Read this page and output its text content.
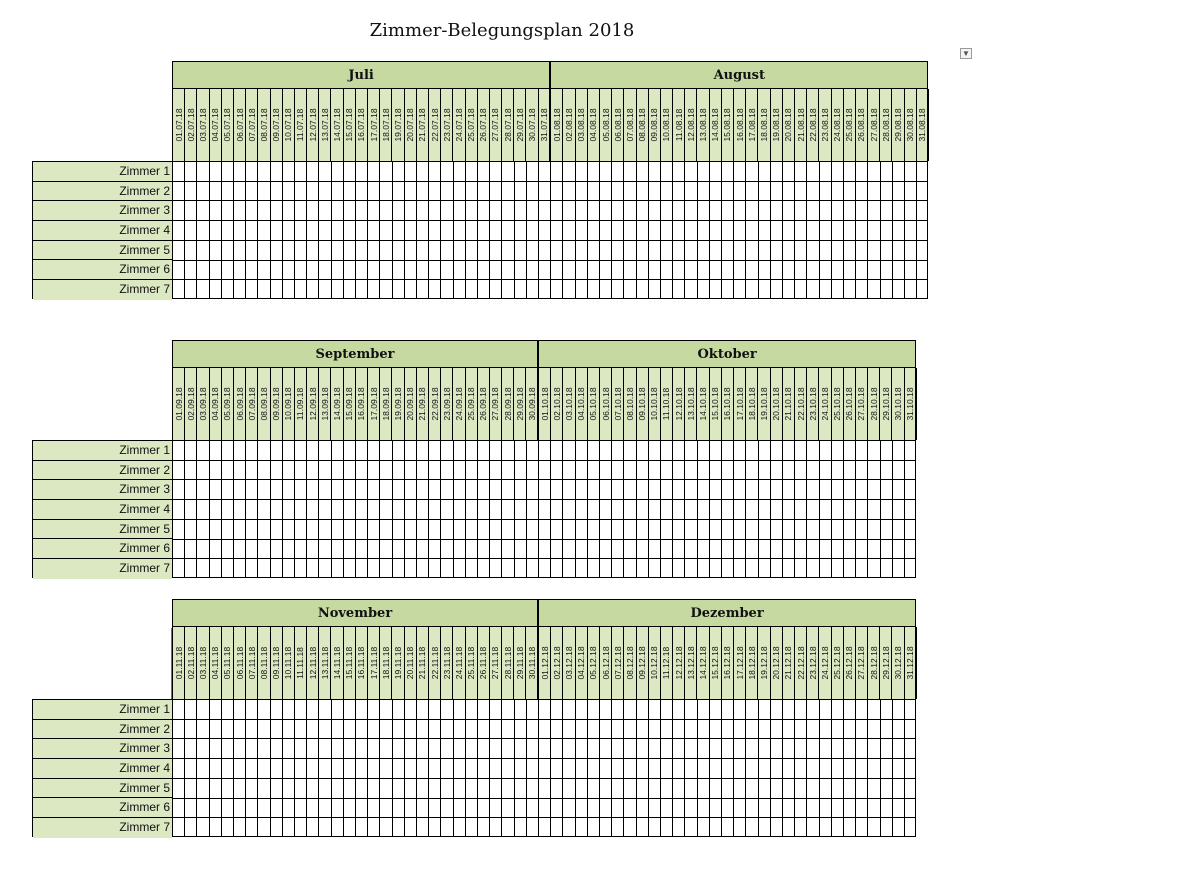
Zimmer-Belegungsplan 2018
▼
Juli
01.07.18 02.07.18 03.07.18 04.07.18 05.07.18 06.07.18 07.07.18 08.07.18 09.07.18 10.07.18 11.07.18 12.07.18 13.07.18 14.07.18 15.07.18 16.07.18 17.07.18 18.07.18 19.07.18 20.07.18 21.07.18 22.07.18 23.07.18 24.07.18 25.07.18 26.07.18 27.07.18 28.07.18 29.07.18 30.07.18 31.07.18
August
01.08.18 02.08.18 03.08.18 04.08.18 05.08.18 06.08.18 07.08.18 08.08.18 09.08.18 10.08.18 11.08.18 12.08.18 13.08.18 14.08.18 15.08.18 16.08.18 17.08.18 18.08.18 19.08.18 20.08.18 21.08.18 22.08.18 23.08.18 24.08.18 25.08.18 26.08.18 27.08.18 28.08.18 29.08.18 30.08.18 31.08.18
Zimmer 1
Zimmer 2
Zimmer 3
Zimmer 4
Zimmer 5
Zimmer 6
Zimmer 7
September
01.09.18 02.09.18 03.09.18 04.09.18 05.09.18 06.09.18 07.09.18 08.09.18 09.09.18 10.09.18 11.09.18 12.09.18 13.09.18 14.09.18 15.09.18 16.09.18 17.09.18 18.09.18 19.09.18 20.09.18 21.09.18 22.09.18 23.09.18 24.09.18 25.09.18 26.09.18 27.09.18 28.09.18 29.09.18 30.09.18
Oktober
01.10.18 02.10.18 03.10.18 04.10.18 05.10.18 06.10.18 07.10.18 08.10.18 09.10.18 10.10.18 11.10.18 12.10.18 13.10.18 14.10.18 15.10.18 16.10.18 17.10.18 18.10.18 19.10.18 20.10.18 21.10.18 22.10.18 23.10.18 24.10.18 25.10.18 26.10.18 27.10.18 28.10.18 29.10.18 30.10.18 31.10.18
Zimmer 1
Zimmer 2
Zimmer 3
Zimmer 4
Zimmer 5
Zimmer 6
Zimmer 7
November
01.11.18 02.11.18 03.11.18 04.11.18 05.11.18 06.11.18 07.11.18 08.11.18 09.11.18 10.11.18 11.11.18 12.11.18 13.11.18 14.11.18 15.11.18 16.11.18 17.11.18 18.11.18 19.11.18 20.11.18 21.11.18 22.11.18 23.11.18 24.11.18 25.11.18 26.11.18 27.11.18 28.11.18 29.11.18 30.11.18
Dezember
01.12.18 02.12.18 03.12.18 04.12.18 05.12.18 06.12.18 07.12.18 08.12.18 09.12.18 10.12.18 11.12.18 12.12.18 13.12.18 14.12.18 15.12.18 16.12.18 17.12.18 18.12.18 19.12.18 20.12.18 21.12.18 22.12.18 23.12.18 24.12.18 25.12.18 26.12.18 27.12.18 28.12.18 29.12.18 30.12.18 31.12.18
Zimmer 1
Zimmer 2
Zimmer 3
Zimmer 4
Zimmer 5
Zimmer 6
Zimmer 7
